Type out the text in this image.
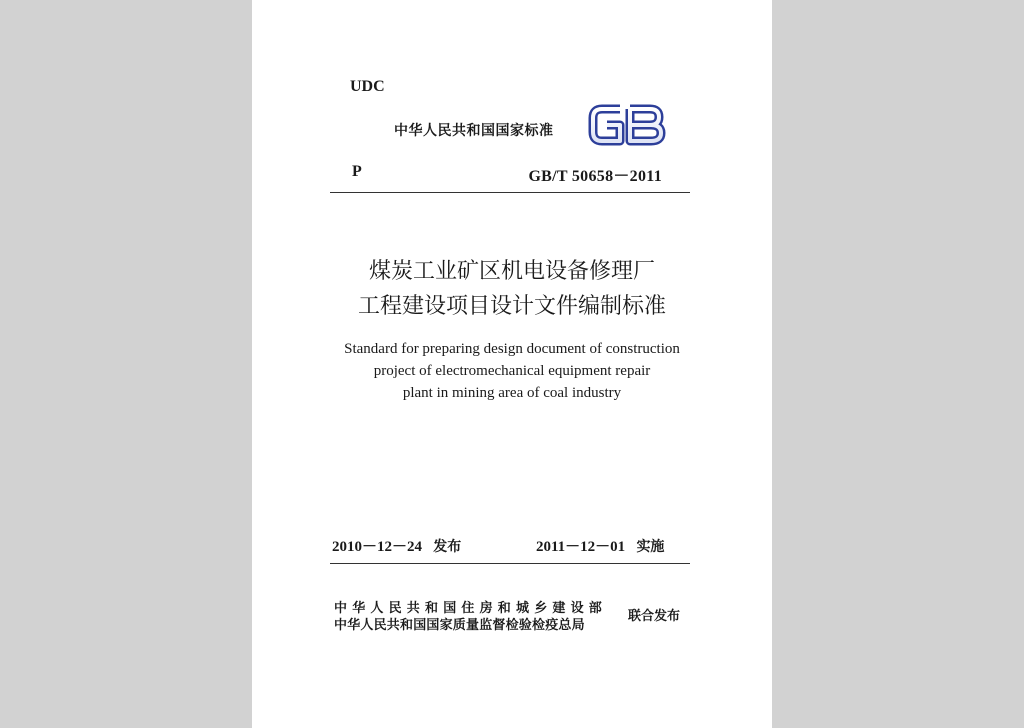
UDC
中华人民共和国国家标准
P	GB/T 50658－2011
煤炭工业矿区机电设备修理厂
工程建设项目设计文件编制标准
Standard for preparing design document of construction
project of electromechanical equipment repair
plant in mining area of coal industry
2010－12－24 发布	2011－12－01 实施
中华人民共和国住房和城乡建设部
中华人民共和国国家质量监督检验检疫总局
联合发布
